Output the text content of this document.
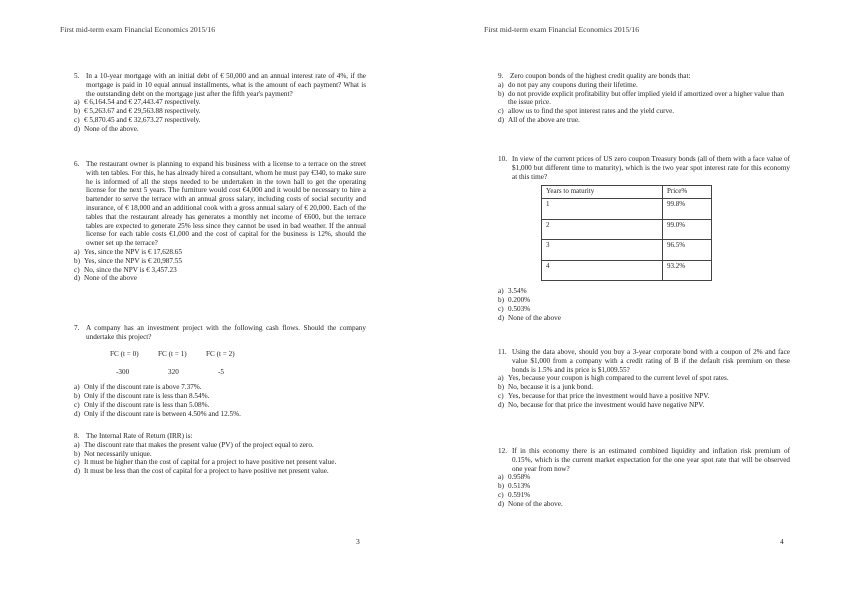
First mid-term exam Financial Economics 2015/16
5. In a 10-year mortgage with an initial debt of € 50,000 and an annual interest rate of 4%, if the mortgage is paid in 10 equal annual installments, what is the amount of each payment? What is the outstanding debt on the mortgage just after the fifth year's payment?
a) € 6,164.54 and € 27,443.47 respectively.
b) € 5,263.67 and € 29,563.88 respectively.
c) € 5,870.45 and € 32,673.27 respectively.
d) None of the above.
6. The restaurant owner is planning to expand his business with a license to a terrace on the street with ten tables. For this, he has already hired a consultant, whom he must pay €340, to make sure he is informed of all the steps needed to be undertaken in the town hall to get the operating license for the next 5 years. The furniture would cost €4,000 and it would be necessary to hire a bartender to serve the terrace with an annual gross salary, including costs of social security and insurance, of € 18,000 and an additional cook with a gross annual salary of € 20,000. Each of the tables that the restaurant already has generates a monthly net income of €600, but the terrace tables are expected to generate 25% less since they cannot be used in bad weather. If the annual license for each table costs €1,000 and the cost of capital for the business is 12%, should the owner set up the terrace?
a) Yes, since the NPV is € 17,628.65
b) Yes, since the NPV is € 20,987.55
c) No, since the NPV is € 3,457.23
d) None of the above
7. A company has an investment project with the following cash flows. Should the company undertake this project?
FC (t = 0)	FC (t = 1)	FC (t = 2)
-300	320	-5
a) Only if the discount rate is above 7.37%.
b) Only if the discount rate is less than 8.54%.
c) Only if the discount rate is less than 5.08%.
d) Only if the discount rate is between 4.50% and 12.5%.
8. The Internal Rate of Return (IRR) is:
a) The discount rate that makes the present value (PV) of the project equal to zero.
b) Not necessarily unique.
c) It must be higher than the cost of capital for a project to have positive net present value.
d) It must be less than the cost of capital for a project to have positive net present value.
3
First mid-term exam Financial Economics 2015/16
9. Zero coupon bonds of the highest credit quality are bonds that:
a) do not pay any coupons during their lifetime.
b) do not provide explicit profitability but offer implied yield if amortized over a higher value than the issue price.
c) allow us to find the spot interest rates and the yield curve.
d) All of the above are true.
10. In view of the current prices of US zero coupon Treasury bonds (all of them with a face value of $1,000 but different time to maturity), which is the two year spot interest rate for this economy at this time?
Years to maturity	Price%
1	99.8%
2	99.0%
3	96.5%
4	93.2%
a) 3.54%
b) 0.200%
c) 0.503%
d) None of the above
11. Using the data above, should you buy a 3-year corporate bond with a coupon of 2% and face value $1,000 from a company with a credit rating of B if the default risk premium on these bonds is 1.5% and its price is $1,009.55?
a) Yes, because your coupon is high compared to the current level of spot rates.
b) No, because it is a junk bond.
c) Yes, because for that price the investment would have a positive NPV.
d) No, because for that price the investment would have negative NPV.
12. If in this economy there is an estimated combined liquidity and inflation risk premium of 0.15%, which is the current market expectation for the one year spot rate that will be observed one year from now?
a) 0.958%
b) 0.513%
c) 0.591%
d) None of the above.
4
